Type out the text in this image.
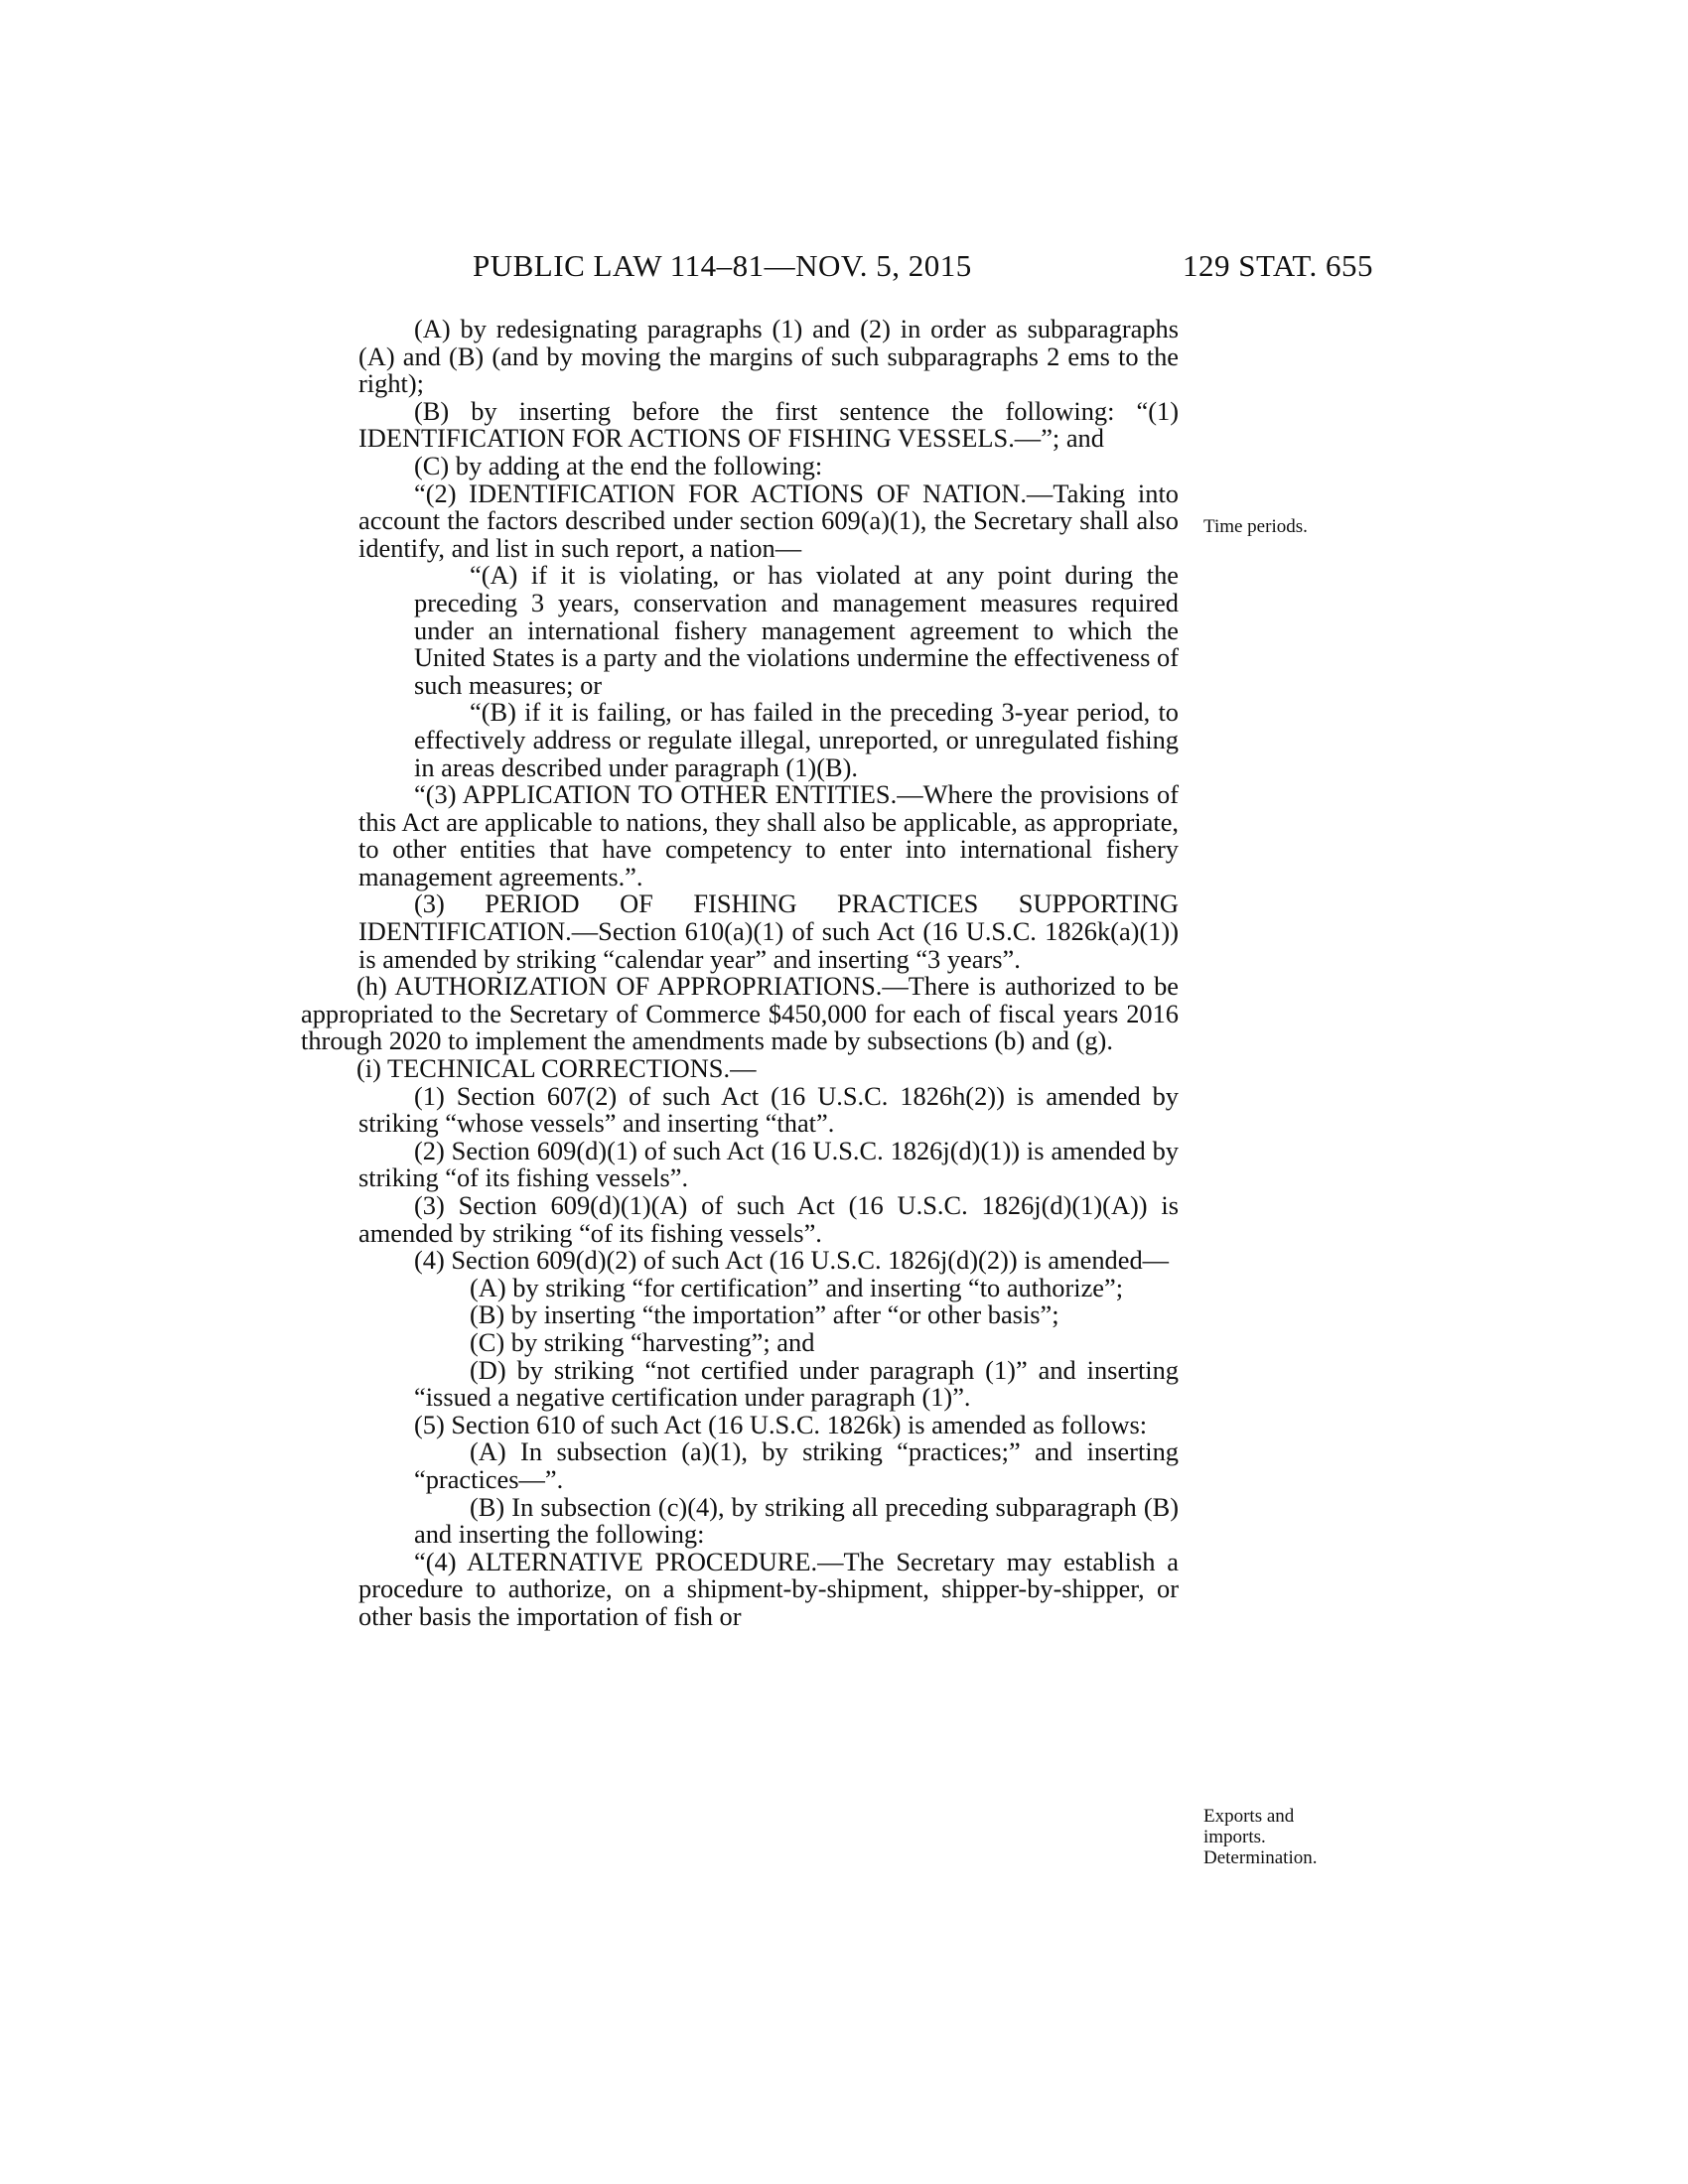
PUBLIC LAW 114–81—NOV. 5, 2015	129 STAT. 655
Time periods.
Exports and imports. Determination.
(A) by redesignating paragraphs (1) and (2) in order as subparagraphs (A) and (B) (and by moving the margins of such subparagraphs 2 ems to the right);
(B) by inserting before the first sentence the following: “(1) IDENTIFICATION FOR ACTIONS OF FISHING VESSELS.—”; and
(C) by adding at the end the following:
“(2) IDENTIFICATION FOR ACTIONS OF NATION.—Taking into account the factors described under section 609(a)(1), the Secretary shall also identify, and list in such report, a nation—
“(A) if it is violating, or has violated at any point during the preceding 3 years, conservation and management measures required under an international fishery management agreement to which the United States is a party and the violations undermine the effectiveness of such measures; or
“(B) if it is failing, or has failed in the preceding 3-year period, to effectively address or regulate illegal, unreported, or unregulated fishing in areas described under paragraph (1)(B).
“(3) APPLICATION TO OTHER ENTITIES.—Where the provisions of this Act are applicable to nations, they shall also be applicable, as appropriate, to other entities that have competency to enter into international fishery management agreements.”.
(3) PERIOD OF FISHING PRACTICES SUPPORTING IDENTIFICATION.—Section 610(a)(1) of such Act (16 U.S.C. 1826k(a)(1)) is amended by striking “calendar year” and inserting “3 years”.
(h) AUTHORIZATION OF APPROPRIATIONS.—There is authorized to be appropriated to the Secretary of Commerce $450,000 for each of fiscal years 2016 through 2020 to implement the amendments made by subsections (b) and (g).
(i) TECHNICAL CORRECTIONS.—
(1) Section 607(2) of such Act (16 U.S.C. 1826h(2)) is amended by striking “whose vessels” and inserting “that”.
(2) Section 609(d)(1) of such Act (16 U.S.C. 1826j(d)(1)) is amended by striking “of its fishing vessels”.
(3) Section 609(d)(1)(A) of such Act (16 U.S.C. 1826j(d)(1)(A)) is amended by striking “of its fishing vessels”.
(4) Section 609(d)(2) of such Act (16 U.S.C. 1826j(d)(2)) is amended—
(A) by striking “for certification” and inserting “to authorize”;
(B) by inserting “the importation” after “or other basis”;
(C) by striking “harvesting”; and
(D) by striking “not certified under paragraph (1)” and inserting “issued a negative certification under paragraph (1)”.
(5) Section 610 of such Act (16 U.S.C. 1826k) is amended as follows:
(A) In subsection (a)(1), by striking “practices;” and inserting “practices—”.
(B) In subsection (c)(4), by striking all preceding subparagraph (B) and inserting the following:
“(4) ALTERNATIVE PROCEDURE.—The Secretary may establish a procedure to authorize, on a shipment-by-shipment, shipper-by-shipper, or other basis the importation of fish or
